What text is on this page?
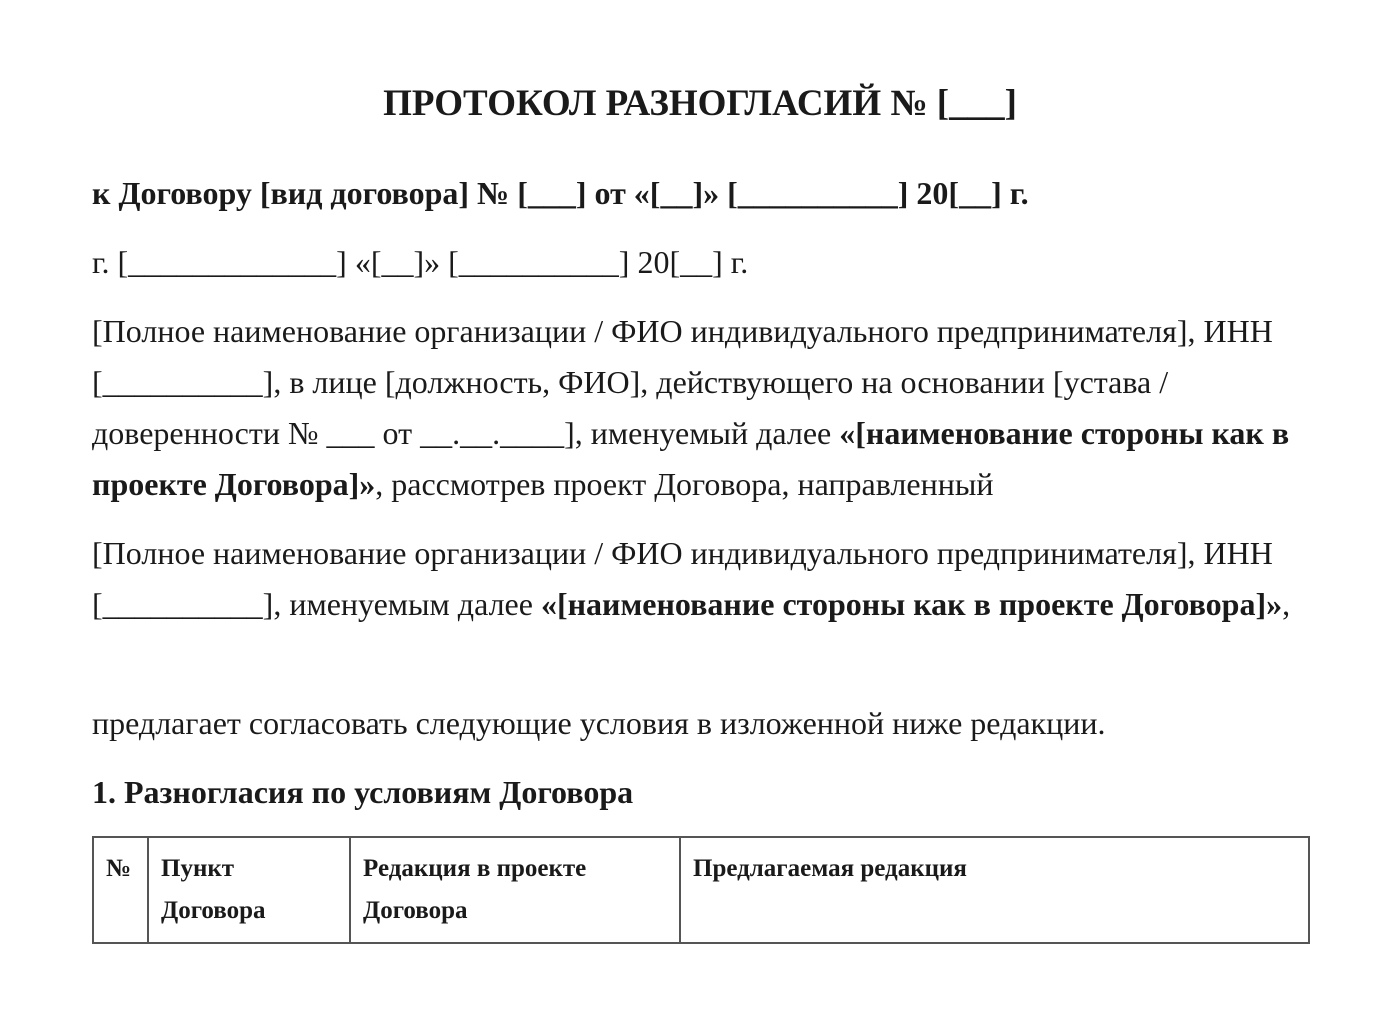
ПРОТОКОЛ РАЗНОГЛАСИЙ № [___]

к Договору [вид договора] № [___] от «[__]» [__________] 20[__] г.

г. [_____________] «[__]» [__________] 20[__] г.

[Полное наименование организации / ФИО индивидуального предпринимателя], ИНН [__________], в лице [должность, ФИО], действующего на основании [устава / доверенности № ___ от __.__.____], именуемый далее «[наименование стороны как в проекте Договора]», рассмотрев проект Договора, направленный

[Полное наименование организации / ФИО индивидуального предпринимателя], ИНН [__________], именуемым далее «[наименование стороны как в проекте Договора]»,

предлагает согласовать следующие условия в изложенной ниже редакции.

1. Разногласия по условиям Договора
№	Пункт Договора	Редакция в проекте Договора	Предлагаемая редакция
